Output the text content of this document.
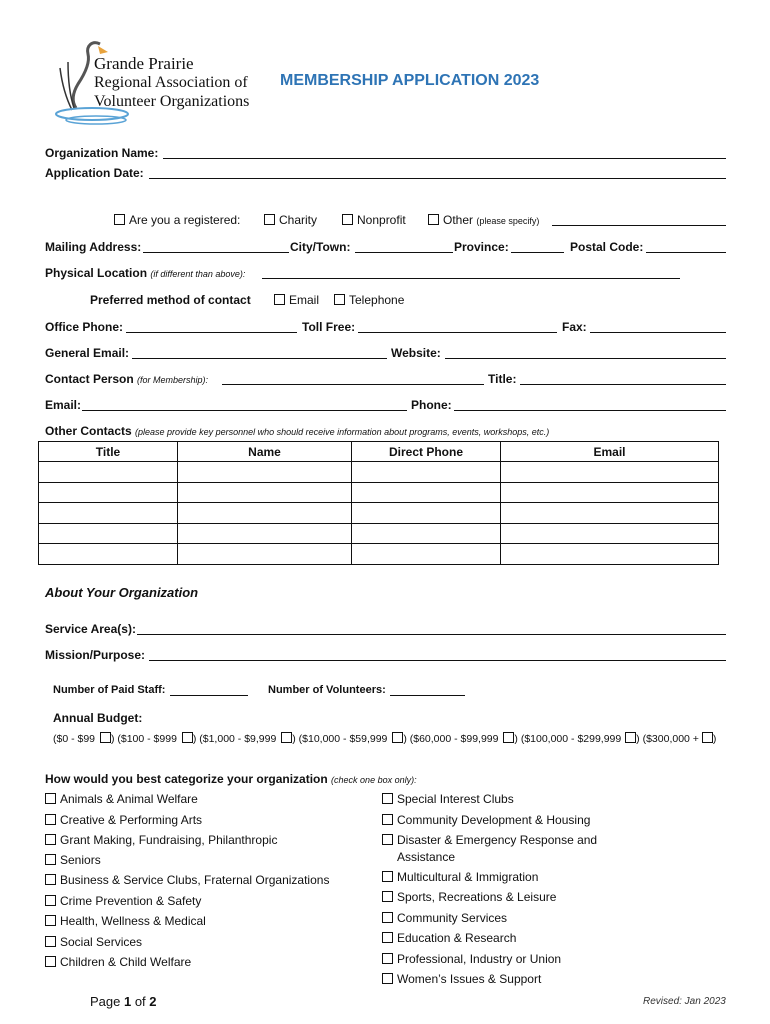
Grande Prairie
Regional Association of
Volunteer Organizations
MEMBERSHIP APPLICATION 2023
Organization Name:
Application Date:
Are you a registered:	Charity	Nonprofit	Other (please specify)
Mailing Address:	City/Town:	Province:	Postal Code:
Physical Location (if different than above):
Preferred method of contact	Email	Telephone
Office Phone:	Toll Free:	Fax:
General Email:	Website:
Contact Person (for Membership):	Title:
Email:	Phone:
Other Contacts (please provide key personnel who should receive information about programs, events, workshops, etc.)
Title	Name	Direct Phone	Email

About Your Organization
Service Area(s):
Mission/Purpose:
Number of Paid Staff:	Number of Volunteers:
Annual Budget:
($0 - $99 ) ($100 - $999 ) ($1,000 - $9,999 ) ($10,000 - $59,999 ) ($60,000 - $99,999 ) ($100,000 - $299,999 ) ($300,000 + )
How would you best categorize your organization (check one box only):
Animals & Animal Welfare
Creative & Performing Arts
Grant Making, Fundraising, Philanthropic
Seniors
Business & Service Clubs, Fraternal Organizations
Crime Prevention & Safety
Health, Wellness & Medical
Social Services
Children & Child Welfare
Special Interest Clubs
Community Development & Housing
Disaster & Emergency Response and
Assistance
Multicultural & Immigration
Sports, Recreations & Leisure
Community Services
Education & Research
Professional, Industry or Union
Women’s Issues & Support
Page 1 of 2	Revised: Jan 2023
